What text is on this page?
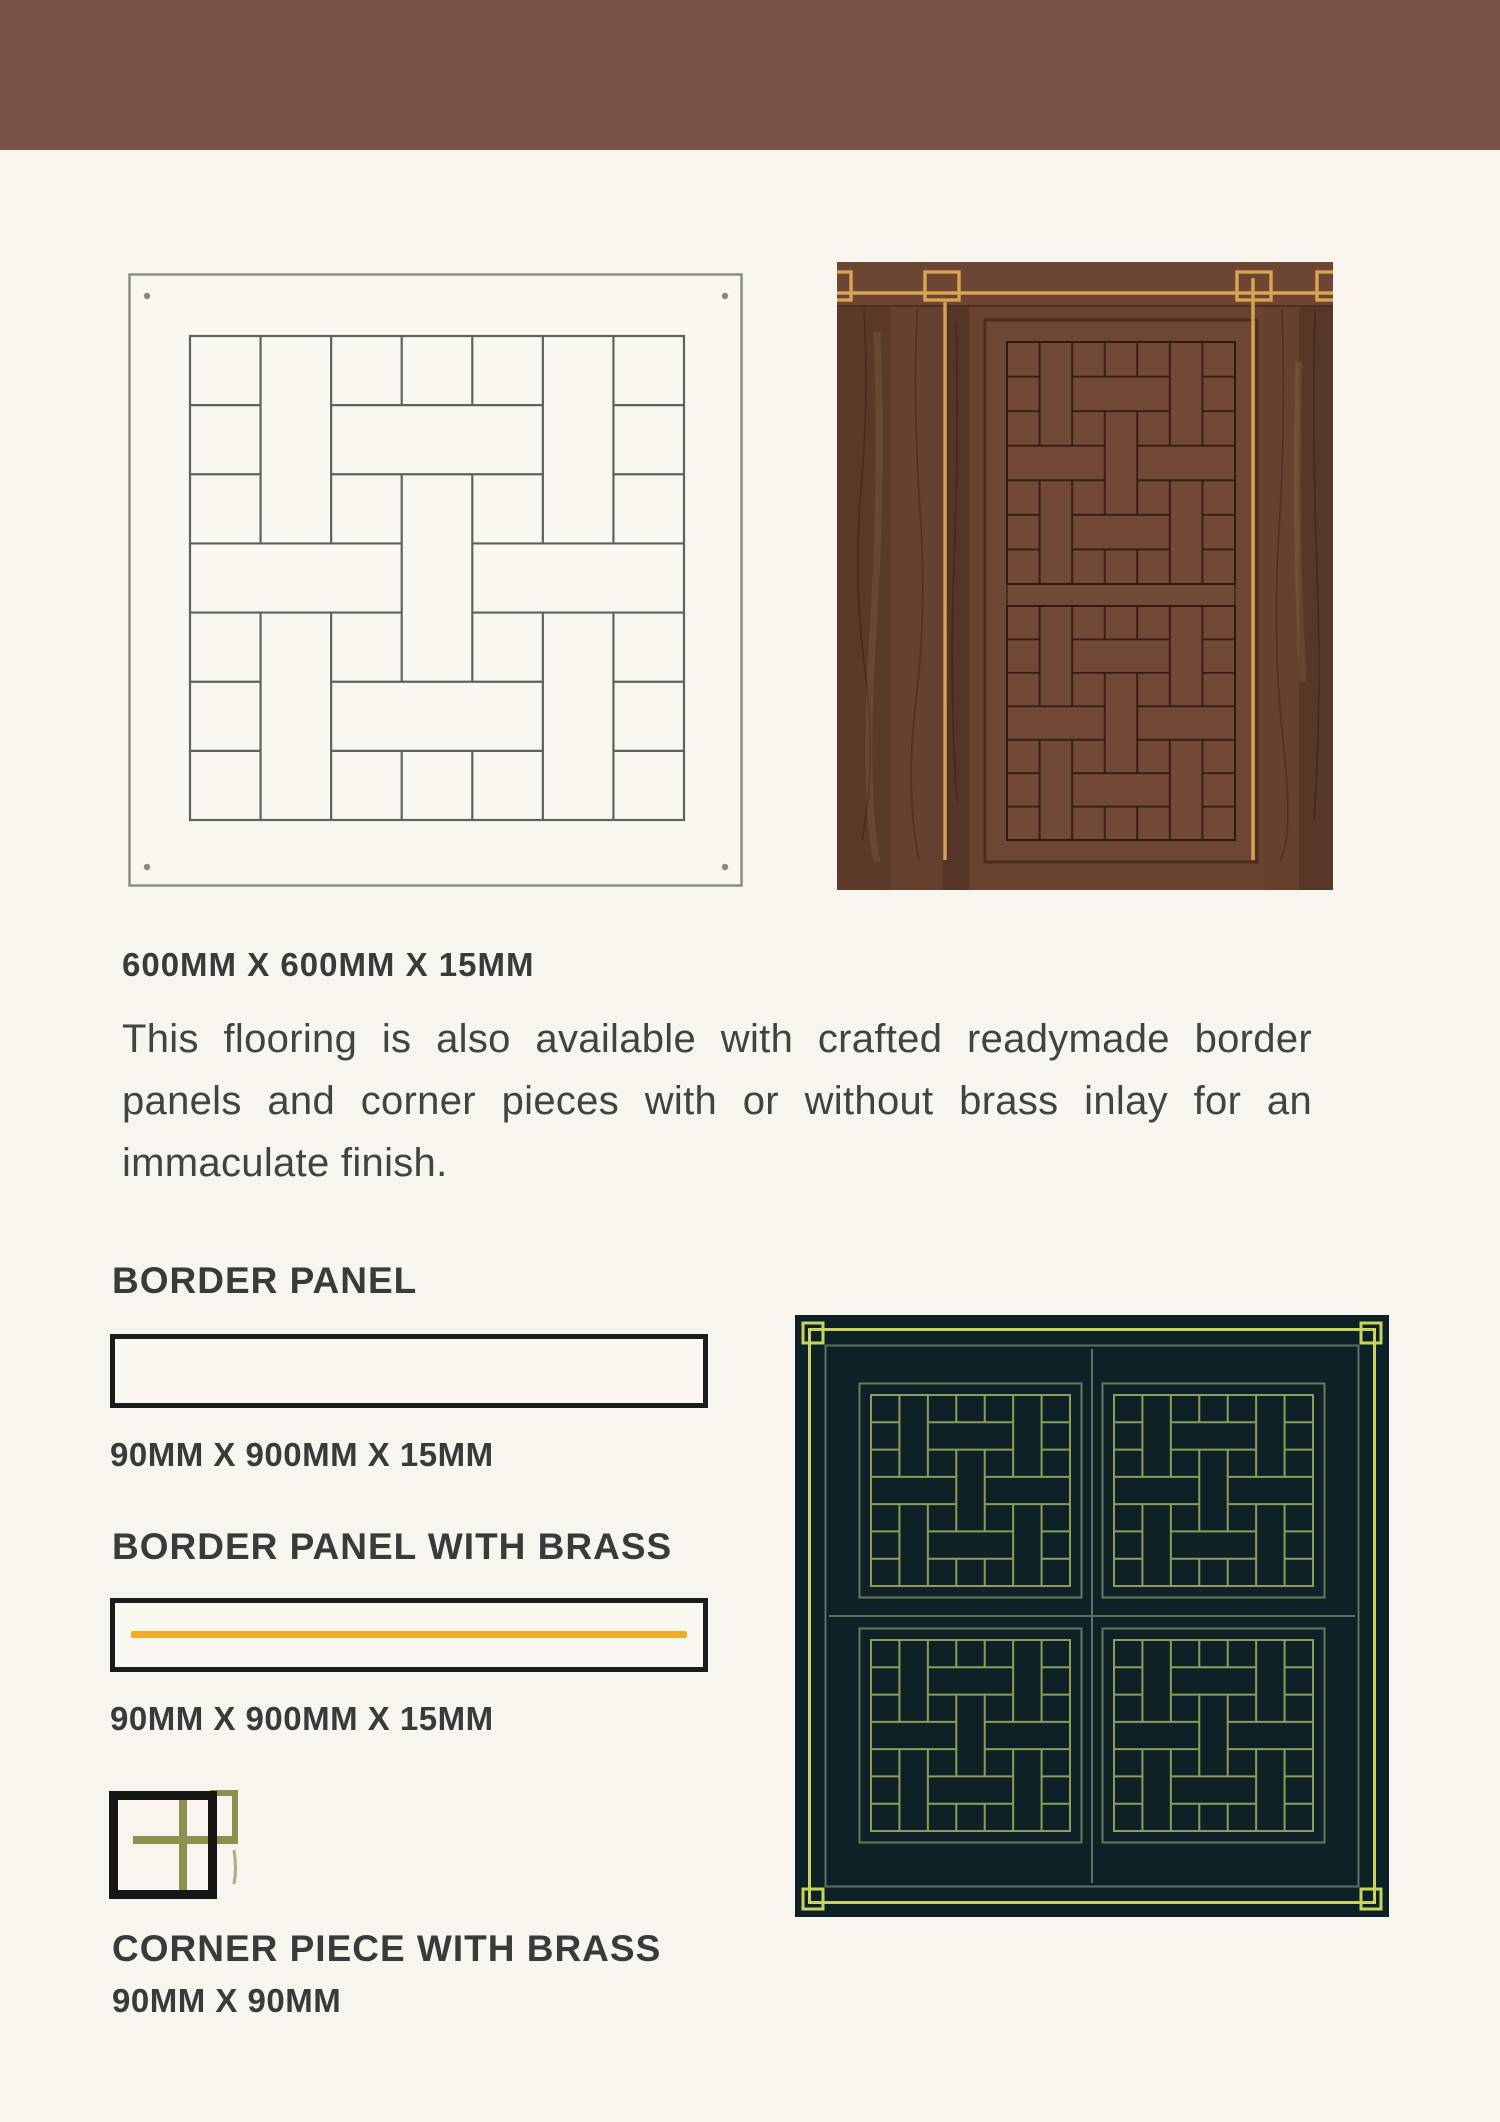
600MM X 600MM X 15MM

This flooring is also available with crafted readymade border panels and corner pieces with or without brass inlay for an immaculate finish.

BORDER PANEL
90MM X 900MM X 15MM
BORDER PANEL WITH BRASS
90MM X 900MM X 15MM
CORNER PIECE WITH BRASS
90MM X 90MM
